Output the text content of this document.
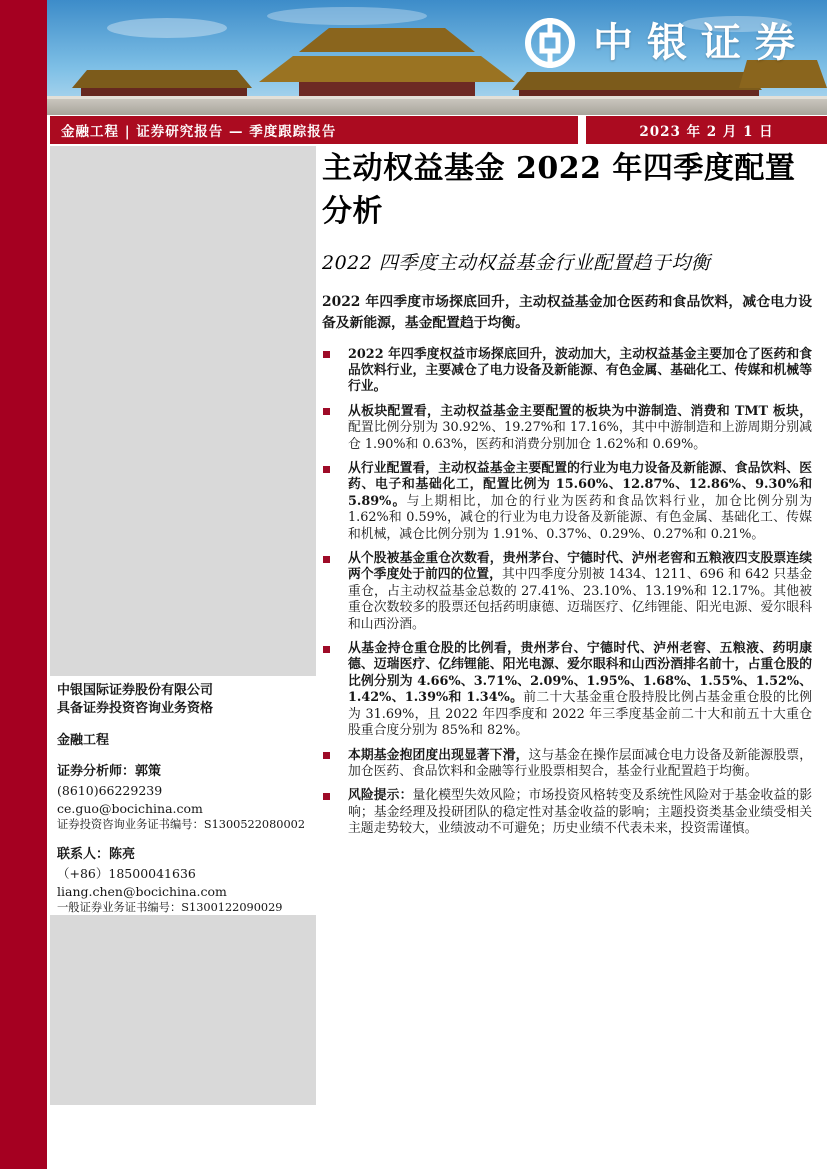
中银证券
金融工程 | 证券研究报告 — 季度跟踪报告	2023 年 2 月 1 日
中银国际证券股份有限公司
具备证券投资咨询业务资格
金融工程
证券分析师：郭策
(8610)66229239
ce.guo@bocichina.com
证券投资咨询业务证书编号：S1300522080002
联系人：陈亮
（+86）18500041636
liang.chen@bocichina.com
一般证券业务证书编号：S1300122090029
主动权益基金 2022 年四季度配置分析
2022 四季度主动权益基金行业配置趋于均衡

2022 年四季度市场探底回升，主动权益基金加仓医药和食品饮料，减仓电力设备及新能源，基金配置趋于均衡。

2022 年四季度权益市场探底回升，波动加大，主动权益基金主要加仓了医药和食品饮料行业，主要减仓了电力设备及新能源、有色金属、基础化工、传媒和机械等行业。
从板块配置看，主动权益基金主要配置的板块为中游制造、消费和 TMT 板块，配置比例分别为 30.92%、19.27%和 17.16%，其中中游制造和上游周期分别减仓 1.90%和 0.63%，医药和消费分别加仓 1.62%和 0.69%。
从行业配置看，主动权益基金主要配置的行业为电力设备及新能源、食品饮料、医药、电子和基础化工，配置比例为 15.60%、12.87%、12.86%、9.30%和 5.89%。与上期相比，加仓的行业为医药和食品饮料行业，加仓比例分别为 1.62%和 0.59%，减仓的行业为电力设备及新能源、有色金属、基础化工、传媒和机械，减仓比例分别为 1.91%、0.37%、0.29%、0.27%和 0.21%。
从个股被基金重仓次数看，贵州茅台、宁德时代、泸州老窖和五粮液四支股票连续两个季度处于前四的位置，其中四季度分别被 1434、1211、696 和 642 只基金重仓，占主动权益基金总数的 27.41%、23.10%、13.19%和 12.17%。其他被重仓次数较多的股票还包括药明康德、迈瑞医疗、亿纬锂能、阳光电源、爱尔眼科和山西汾酒。
从基金持仓重仓股的比例看，贵州茅台、宁德时代、泸州老窖、五粮液、药明康德、迈瑞医疗、亿纬锂能、阳光电源、爱尔眼科和山西汾酒排名前十，占重仓股的比例分别为 4.66%、3.71%、2.09%、1.95%、1.68%、1.55%、1.52%、1.42%、1.39%和 1.34%。前二十大基金重仓股持股比例占基金重仓股的比例为 31.69%，且 2022 年四季度和 2022 年三季度基金前二十大和前五十大重仓股重合度分别为 85%和 82%。
本期基金抱团度出现显著下滑，这与基金在操作层面减仓电力设备及新能源股票，加仓医药、食品饮料和金融等行业股票相契合，基金行业配置趋于均衡。
风险提示：量化模型失效风险；市场投资风格转变及系统性风险对于基金收益的影响；基金经理及投研团队的稳定性对基金收益的影响；主题投资类基金业绩受相关主题走势较大，业绩波动不可避免；历史业绩不代表未来，投资需谨慎。
